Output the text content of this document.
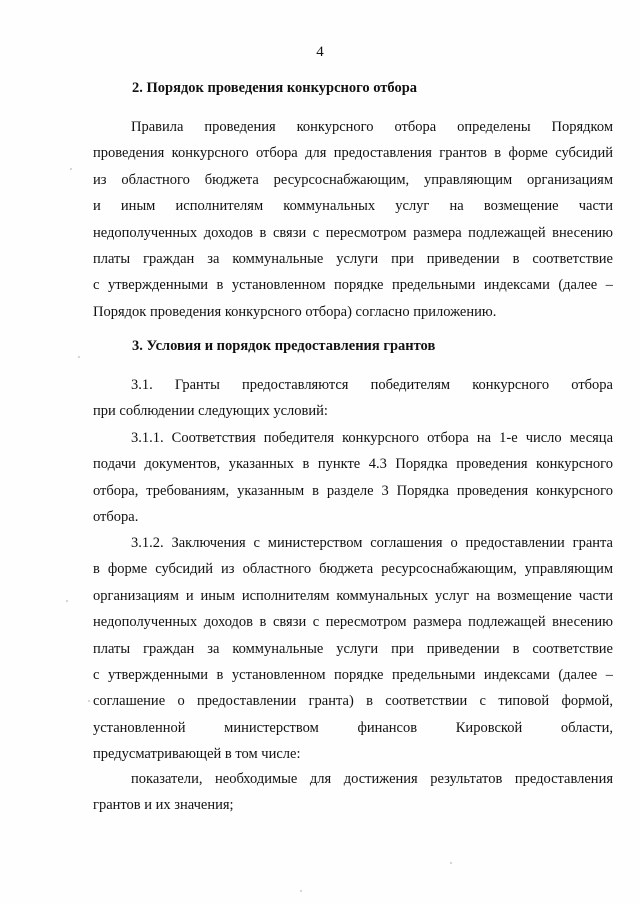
4
2. Порядок проведения конкурсного отбора
Правила проведения конкурсного отбора определены Порядком
проведения конкурсного отбора для предоставления грантов в форме субсидий
из областного бюджета ресурсоснабжающим, управляющим организациям
и иным исполнителям коммунальных услуг на возмещение части
недополученных доходов в связи с пересмотром размера подлежащей внесению
платы граждан за коммунальные услуги при приведении в соответствие
с утвержденными в установленном порядке предельными индексами (далее –
Порядок проведения конкурсного отбора) согласно приложению.
3. Условия и порядок предоставления грантов
3.1. Гранты предоставляются победителям конкурсного отбора
при соблюдении следующих условий:
3.1.1. Соответствия победителя конкурсного отбора на 1-е число месяца
подачи документов, указанных в пункте 4.3 Порядка проведения конкурсного
отбора, требованиям, указанным в разделе 3 Порядка проведения конкурсного
отбора.
3.1.2. Заключения с министерством соглашения о предоставлении гранта
в форме субсидий из областного бюджета ресурсоснабжающим, управляющим
организациям и иным исполнителям коммунальных услуг на возмещение части
недополученных доходов в связи с пересмотром размера подлежащей внесению
платы граждан за коммунальные услуги при приведении в соответствие
с утвержденными в установленном порядке предельными индексами (далее –
соглашение о предоставлении гранта) в соответствии с типовой формой,
установленной министерством финансов Кировской области,
предусматривающей в том числе:
показатели, необходимые для достижения результатов предоставления
грантов и их значения;
